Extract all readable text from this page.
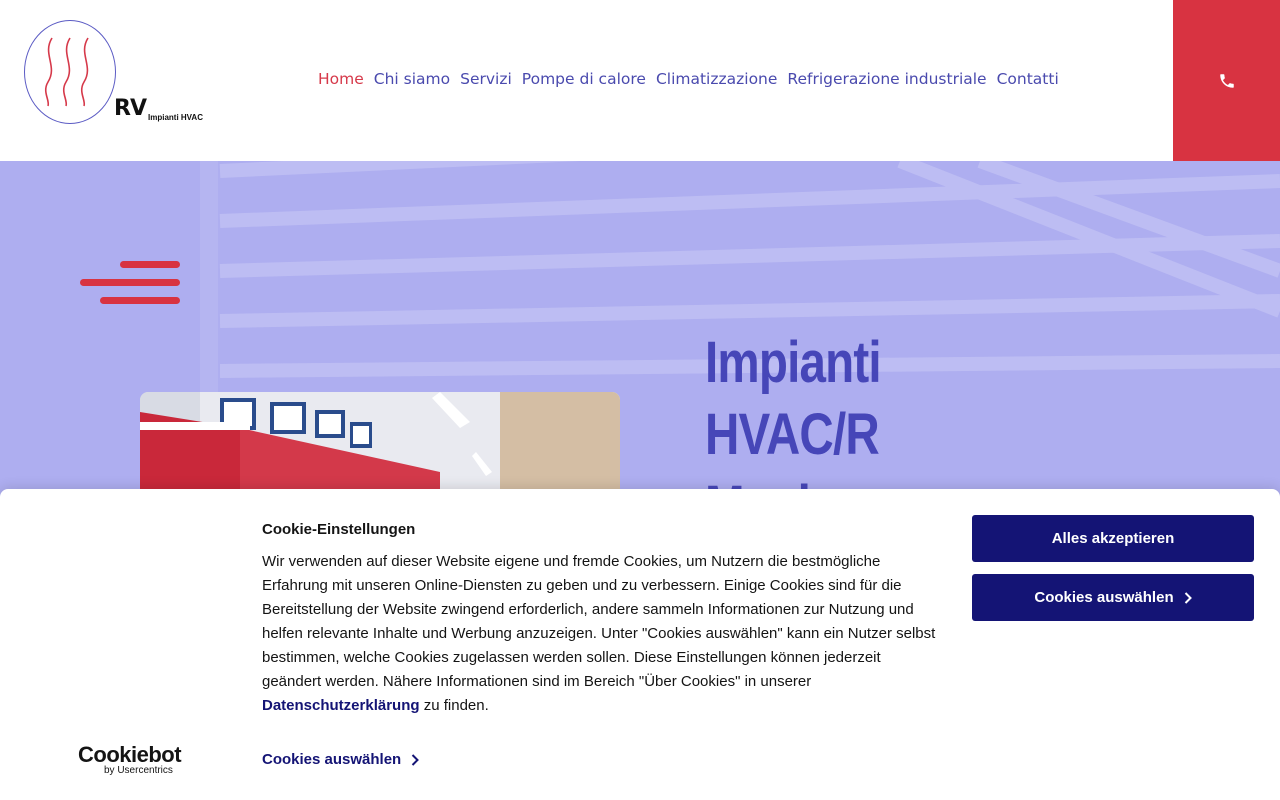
RV Impianti HVAC
Home Chi siamo Servizi Pompe di calore Climatizzazione Refrigerazione industriale Contatti
Impianti
HVAC/R
Cookie-Einstellungen
Wir verwenden auf dieser Website eigene und fremde Cookies, um Nutzern die bestmögliche Erfahrung mit unseren Online-Diensten zu geben und zu verbessern. Einige Cookies sind für die Bereitstellung der Website zwingend erforderlich, andere sammeln Informationen zur Nutzung und helfen relevante Inhalte und Werbung anzuzeigen. Unter "Cookies auswählen" kann ein Nutzer selbst bestimmen, welche Cookies zugelassen werden sollen. Diese Einstellungen können jederzeit geändert werden. Nähere Informationen sind im Bereich "Über Cookies" in unserer Datenschutzerklärung zu finden.
Alles akzeptieren
Cookies auswählen
Cookiebot
by Usercentrics
Cookies auswählen
